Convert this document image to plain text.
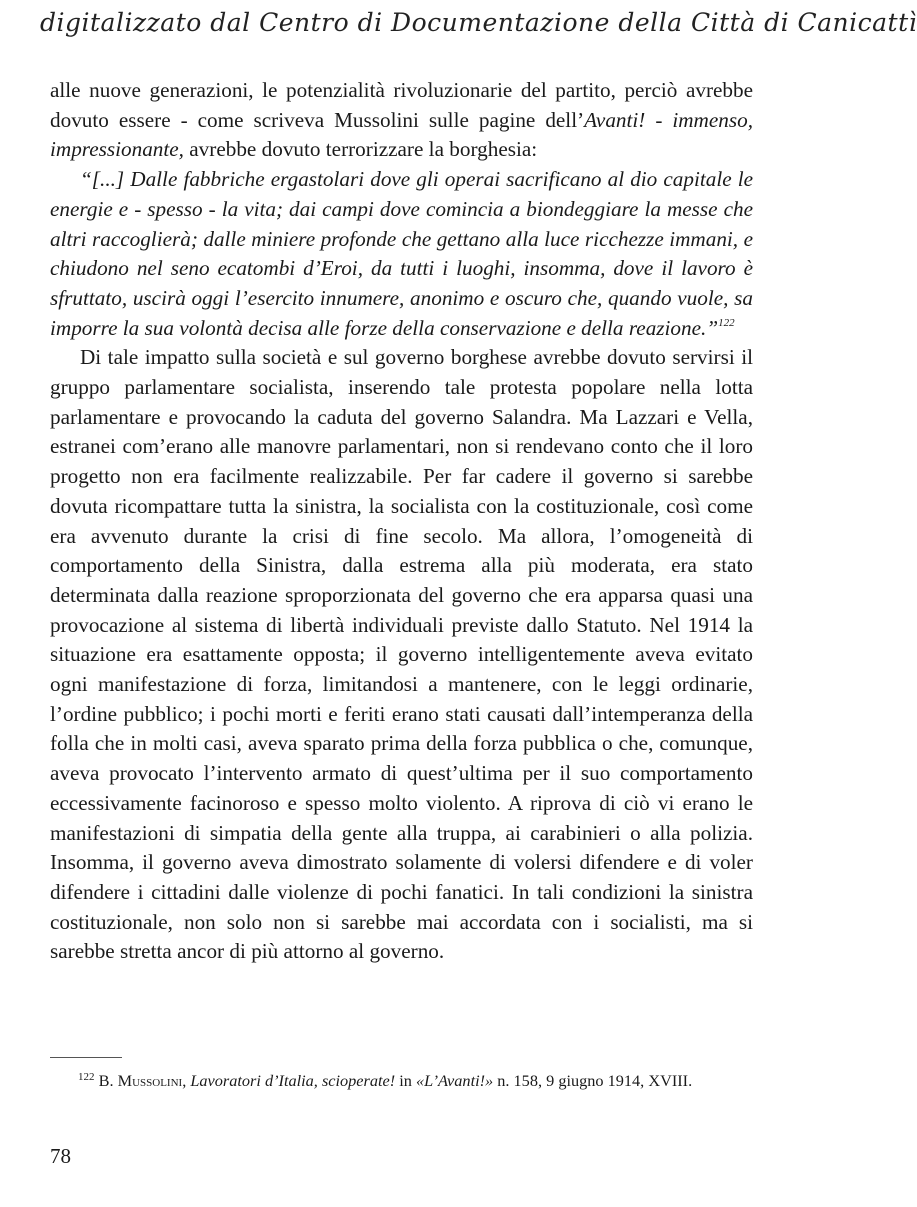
digitalizzato dal Centro di Documentazione della Città di Canicattì

alle nuove generazioni, le potenzialità rivoluzionarie del partito, perciò avrebbe dovuto essere - come scriveva Mussolini sulle pagine dell’Avanti! - immenso, impressionante, avrebbe dovuto terrorizzare la borghesia:

“[...] Dalle fabbriche ergastolari dove gli operai sacrificano al dio capitale le energie e - spesso - la vita; dai campi dove comincia a biondeggiare la messe che altri raccoglierà; dalle miniere profonde che gettano alla luce ricchezze immani, e chiudono nel seno ecatombi d’Eroi, da tutti i luoghi, insomma, dove il lavoro è sfruttato, uscirà oggi l’esercito innumere, anonimo e oscuro che, quando vuole, sa imporre la sua volontà decisa alle forze della conservazione e della reazione.”$^{122}$

Di tale impatto sulla società e sul governo borghese avrebbe dovuto servirsi il gruppo parlamentare socialista, inserendo tale protesta popolare nella lotta parlamentare e provocando la caduta del governo Salandra. Ma Lazzari e Vella, estranei com’erano alle manovre parlamentari, non si rendevano conto che il loro progetto non era facilmente realizzabile. Per far cadere il governo si sarebbe dovuta ricompattare tutta la sinistra, la socialista con la costituzionale, così come era avvenuto durante la crisi di fine secolo. Ma allora, l’omogeneità di comportamento della Sinistra, dalla estrema alla più moderata, era stato determinata dalla reazione sproporzionata del governo che era apparsa quasi una provocazione al sistema di libertà individuali previste dallo Statuto. Nel 1914 la situazione era esattamente opposta; il governo intelligentemente aveva evitato ogni manifestazione di forza, limitandosi a mantenere, con le leggi ordinarie, l’ordine pubblico; i pochi morti e feriti erano stati causati dall’intemperanza della folla che in molti casi, aveva sparato prima della forza pubblica o che, comunque, aveva provocato l’intervento armato di quest’ultima per il suo comportamento eccessivamente facinoroso e spesso molto violento. A riprova di ciò vi erano le manifestazioni di simpatia della gente alla truppa, ai carabinieri o alla polizia. Insomma, il governo aveva dimostrato solamente di volersi difendere e di voler difendere i cittadini dalle violenze di pochi fanatici. In tali condizioni la sinistra costituzionale, non solo non si sarebbe mai accordata con i socialisti, ma si sarebbe stretta ancor di più attorno al governo.

$^{122}$ B. Mussolini, Lavoratori d’Italia, scioperate! in «L’Avanti!» n. 158, 9 giugno 1914, XVIII.

78
